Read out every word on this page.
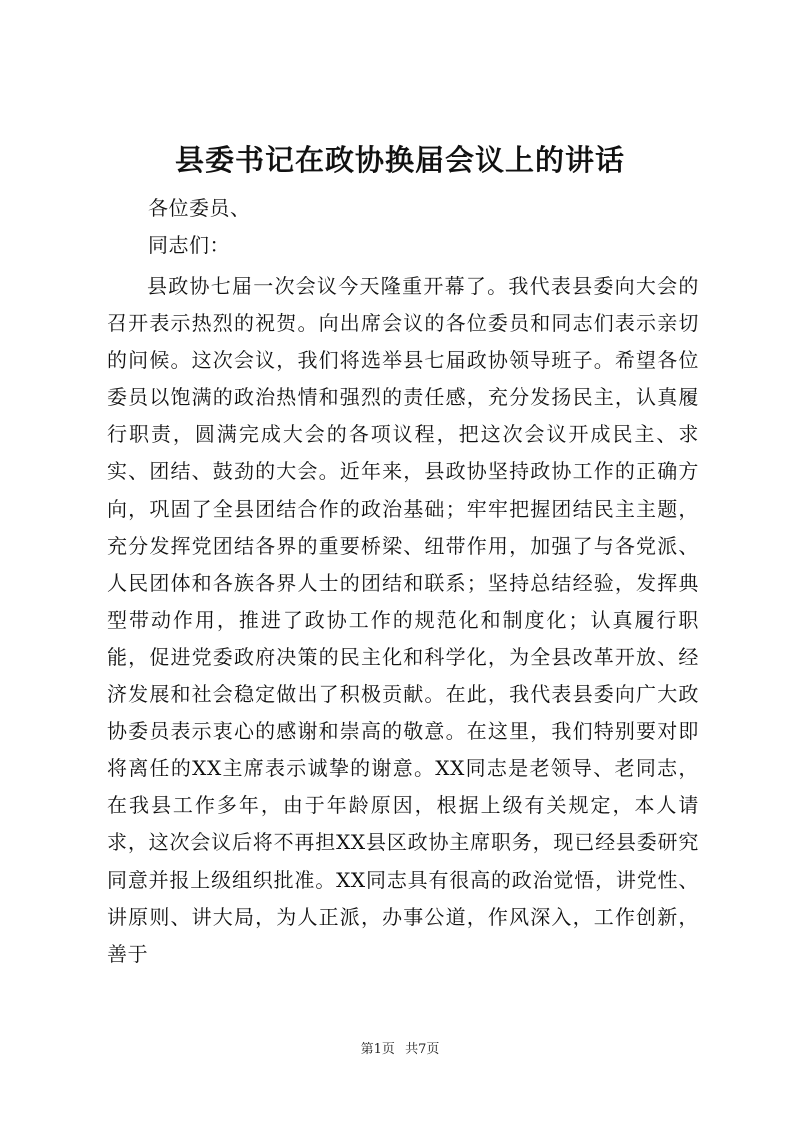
县委书记在政协换届会议上的讲话
各位委员、
同志们：

县政协七届一次会议今天隆重开幕了。我代表县委向大会的召开表示热烈的祝贺。向出席会议的各位委员和同志们表示亲切的问候。这次会议，我们将选举县七届政协领导班子。希望各位委员以饱满的政治热情和强烈的责任感，充分发扬民主，认真履行职责，圆满完成大会的各项议程，把这次会议开成民主、求实、团结、鼓劲的大会。近年来，县政协坚持政协工作的正确方向，巩固了全县团结合作的政治基础；牢牢把握团结民主主题，充分发挥党团结各界的重要桥梁、纽带作用，加强了与各党派、人民团体和各族各界人士的团结和联系；坚持总结经验，发挥典型带动作用，推进了政协工作的规范化和制度化；认真履行职能，促进党委政府决策的民主化和科学化，为全县改革开放、经济发展和社会稳定做出了积极贡献。在此，我代表县委向广大政协委员表示衷心的感谢和崇高的敬意。在这里，我们特别要对即将离任的XX主席表示诚挚的谢意。XX同志是老领导、老同志，在我县工作多年，由于年龄原因，根据上级有关规定，本人请求，这次会议后将不再担XX县区政协主席职务，现已经县委研究同意并报上级组织批准。XX同志具有很高的政治觉悟，讲党性、讲原则、讲大局，为人正派，办事公道，作风深入，工作创新，善于

第1页 共7页
